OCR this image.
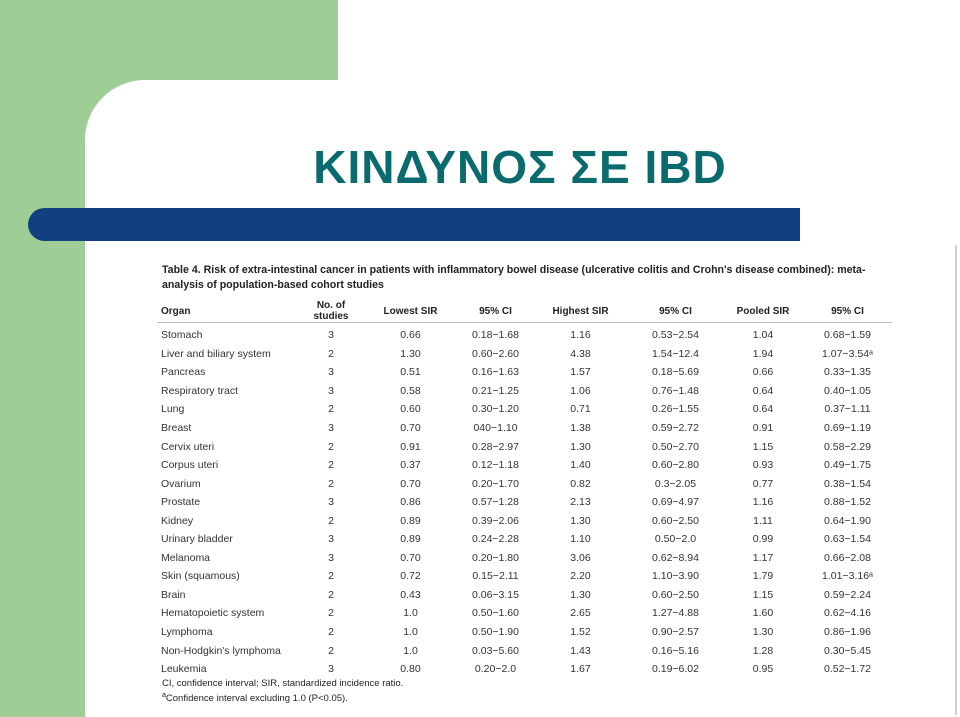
ΚΙΝΔΥΝΟΣ ΣΕ IBD
Table 4. Risk of extra-intestinal cancer in patients with inflammatory bowel disease (ulcerative colitis and Crohn's disease combined): meta-analysis of population-based cohort studies
Organ	No. of studies	Lowest SIR	95% CI	Highest SIR	95% CI	Pooled SIR	95% CI
Stomach	3	0.66	0.18−1.68	1.16	0.53−2.54	1.04	0.68−1.59
Liver and biliary system	2	1.30	0.60−2.60	4.38	1.54−12.4	1.94	1.07−3.54ᵃ
Pancreas	3	0.51	0.16−1.63	1.57	0.18−5.69	0.66	0.33−1.35
Respiratory tract	3	0.58	0.21−1.25	1.06	0.76−1.48	0.64	0.40−1.05
Lung	2	0.60	0.30−1.20	0.71	0.26−1.55	0.64	0.37−1.11
Breast	3	0.70	040−1.10	1.38	0.59−2.72	0.91	0.69−1.19
Cervix uteri	2	0.91	0.28−2.97	1.30	0.50−2.70	1.15	0.58−2.29
Corpus uteri	2	0.37	0.12−1.18	1.40	0.60−2.80	0.93	0.49−1.75
Ovarium	2	0.70	0.20−1.70	0.82	0.3−2.05	0.77	0.38−1.54
Prostate	3	0.86	0.57−1.28	2.13	0.69−4.97	1.16	0.88−1.52
Kidney	2	0.89	0.39−2.06	1.30	0.60−2.50	1.11	0.64−1.90
Urinary bladder	3	0.89	0.24−2.28	1.10	0.50−2.0	0.99	0.63−1.54
Melanoma	3	0.70	0.20−1.80	3.06	0.62−8.94	1.17	0.66−2.08
Skin (squamous)	2	0.72	0.15−2.11	2.20	1.10−3.90	1.79	1.01−3.16ᵃ
Brain	2	0.43	0.06−3.15	1.30	0.60−2.50	1.15	0.59−2.24
Hematopoietic system	2	1.0	0.50−1.60	2.65	1.27−4.88	1.60	0.62−4.16
Lymphoma	2	1.0	0.50−1.90	1.52	0.90−2.57	1.30	0.86−1.96
Non-Hodgkin's lymphoma	2	1.0	0.03−5.60	1.43	0.16−5.16	1.28	0.30−5.45
Leukemia	3	0.80	0.20−2.0	1.67	0.19−6.02	0.95	0.52−1.72
CI, confidence interval; SIR, standardized incidence ratio.
$^a$Confidence interval excluding 1.0 (P<0.05).
